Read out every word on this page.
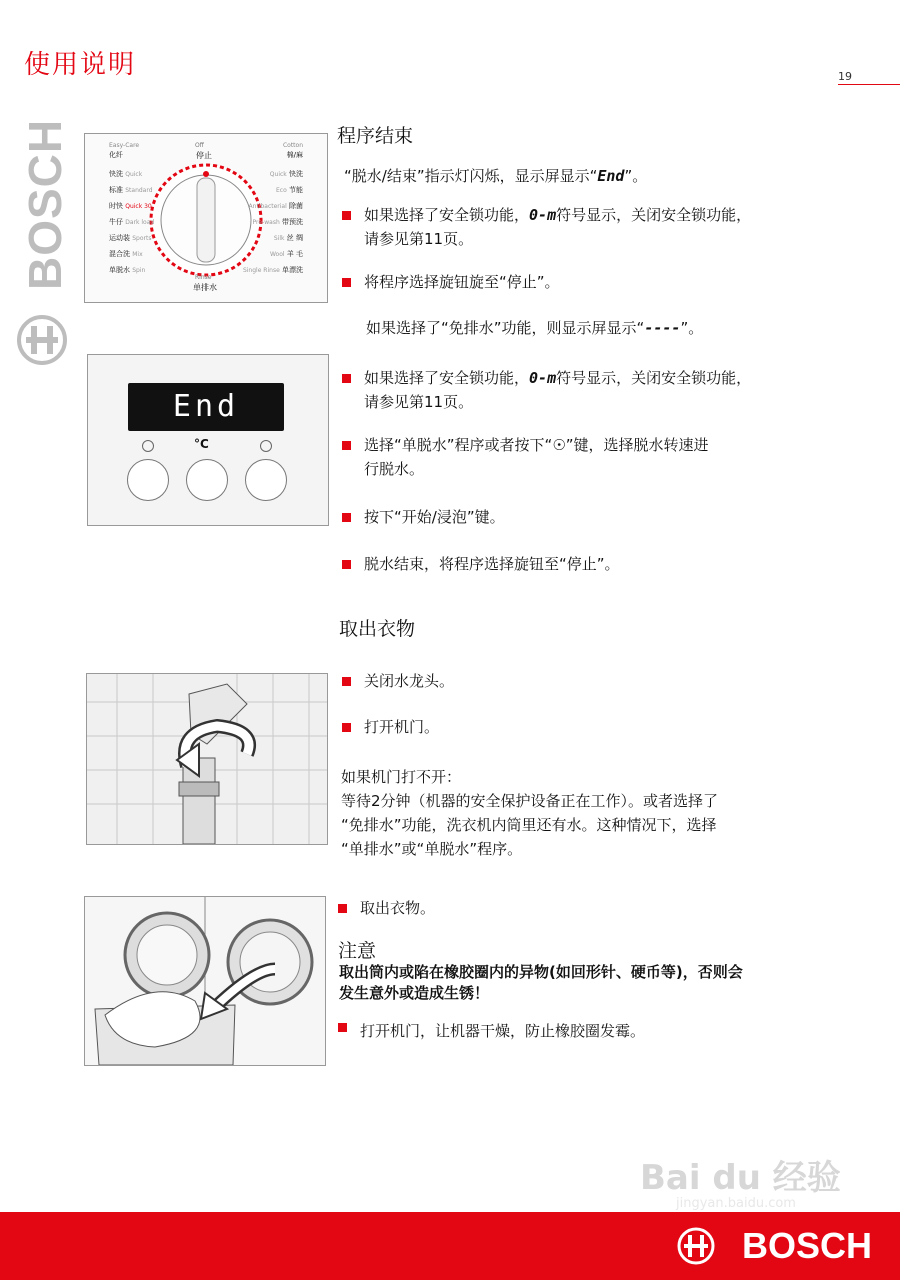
使用说明	19
BOSCH	Off
停止
Rinse
单排水
Easy-Care
化纤
快洗 Quick
标准 Standard
时快 Quick 30
牛仔 Dark load
运动装 Sports
混合洗 Mix
单脱水 Spin
Cotton
棉/麻
Quick 快洗
Eco 节能
Antibacterial 除菌
Pre-wash 带预洗
Silk 丝 绸
Wool 羊 毛
Single Rinse 单漂洗
End
°C
程序结束
“脱水/结束”指示灯闪烁，显示屏显示“End”。
如果选择了安全锁功能，0-m符号显示，关闭安全锁功能，
请参见第11页。
将程序选择旋钮旋至“停止”。
如果选择了“免排水”功能，则显示屏显示“----”。
如果选择了安全锁功能，0-m符号显示，关闭安全锁功能，
请参见第11页。
选择“单脱水”程序或者按下“☉”键，选择脱水转速进
行脱水。
按下“开始/浸泡”键。
脱水结束，将程序选择旋钮至“停止”。
取出衣物
关闭水龙头。
打开机门。
如果机门打不开：
等待2分钟（机器的安全保护设备正在工作）。或者选择了
“免排水”功能，洗衣机内筒里还有水。这种情况下，选择
“单排水”或“单脱水”程序。
取出衣物。
注意
取出筒内或陷在橡胶圈内的异物(如回形针、硬币等)，否则会
发生意外或造成生锈！
打开机门，让机器干燥，防止橡胶圈发霉。
Bai du 经验
jingyan.baidu.com
BOSCH
